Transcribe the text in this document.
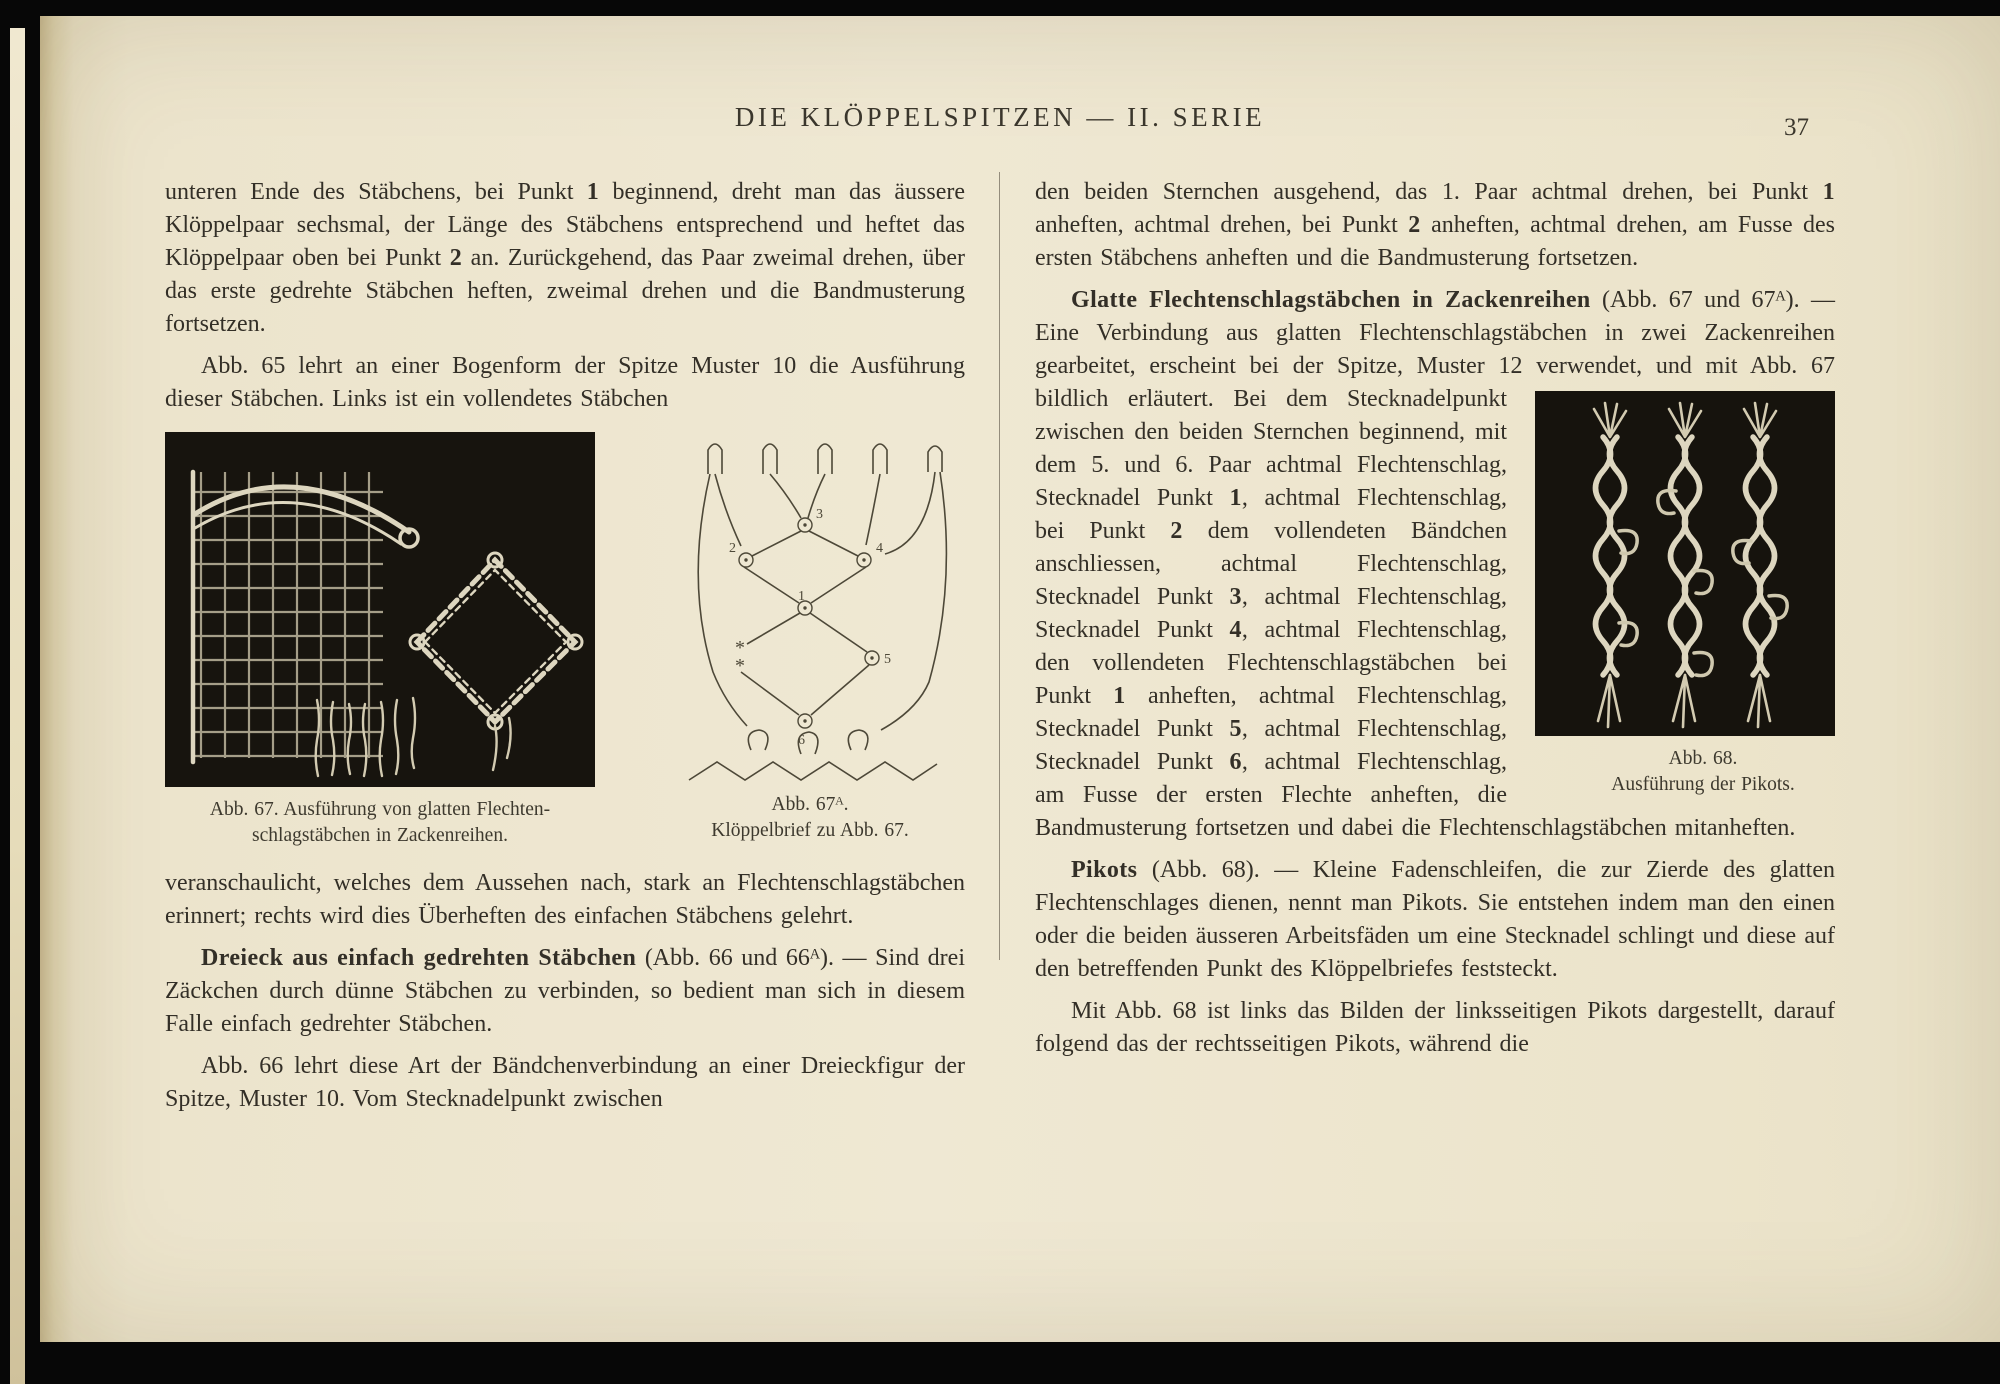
DIE KLÖPPELSPITZEN — II. SERIE	37

unteren Ende des Stäbchens, bei Punkt 1 beginnend, dreht man das äussere Klöppelpaar sechsmal, der Länge des Stäbchens entsprechend und heftet das Klöppelpaar oben bei Punkt 2 an. Zurückgehend, das Paar zweimal drehen, über das erste gedrehte Stäbchen heften, zweimal drehen und die Bandmusterung fortsetzen.

Abb. 65 lehrt an einer Bogenform der Spitze Muster 10 die Ausführung dieser Stäbchen. Links ist ein vollendetes Stäbchen

Abb. 67. Ausführung von glatten Flechten-
schlagstäbchen in Zackenreihen.
3
2	4
1
5
6
*
*
Abb. 67ᴬ.
Klöppelbrief zu Abb. 67.

veranschaulicht, welches dem Aussehen nach, stark an Flechtenschlagstäbchen erinnert; rechts wird dies Überheften des einfachen Stäbchens gelehrt.

Dreieck aus einfach gedrehten Stäbchen (Abb. 66 und 66ᴬ). — Sind drei Zäckchen durch dünne Stäbchen zu verbinden, so bedient man sich in diesem Falle einfach gedrehter Stäbchen.

Abb. 66 lehrt diese Art der Bändchenverbindung an einer Dreieckfigur der Spitze, Muster 10. Vom Stecknadelpunkt zwischen

den beiden Sternchen ausgehend, das 1. Paar achtmal drehen, bei Punkt 1 anheften, achtmal drehen, bei Punkt 2 anheften, achtmal drehen, am Fusse des ersten Stäbchens anheften und die Bandmusterung fortsetzen.

Glatte Flechtenschlagstäbchen in Zackenreihen (Abb. 67 und 67ᴬ). — Eine Verbindung aus glatten Flechtenschlagstäbchen in zwei Zackenreihen gearbeitet, erscheint bei der Spitze, Muster 12 verwendet, und mit Abb. 67 bildlich erläutert.
Abb. 68.
Ausführung der Pikots.
Bei dem Stecknadelpunkt zwischen den beiden Sternchen beginnend, mit dem 5. und 6. Paar achtmal Flechtenschlag, Stecknadel Punkt 1, achtmal Flechtenschlag, bei Punkt 2 dem vollendeten Bändchen anschliessen, achtmal Flechtenschlag, Stecknadel Punkt 3, achtmal Flechtenschlag, Stecknadel Punkt 4, achtmal Flechtenschlag, den vollendeten Flechtenschlagstäbchen bei Punkt 1 anheften, achtmal Flechtenschlag, Stecknadel Punkt 5, achtmal Flechtenschlag, Stecknadel Punkt 6, achtmal Flechtenschlag, am Fusse der ersten Flechte anheften, die Bandmusterung fortsetzen und dabei die Flechtenschlagstäbchen mitanheften.

Pikots (Abb. 68). — Kleine Fadenschleifen, die zur Zierde des glatten Flechtenschlages dienen, nennt man Pikots. Sie entstehen indem man den einen oder die beiden äusseren Arbeitsfäden um eine Stecknadel schlingt und diese auf den betreffenden Punkt des Klöppelbriefes feststeckt.

Mit Abb. 68 ist links das Bilden der linksseitigen Pikots dargestellt, darauf folgend das der rechtsseitigen Pikots, während die
